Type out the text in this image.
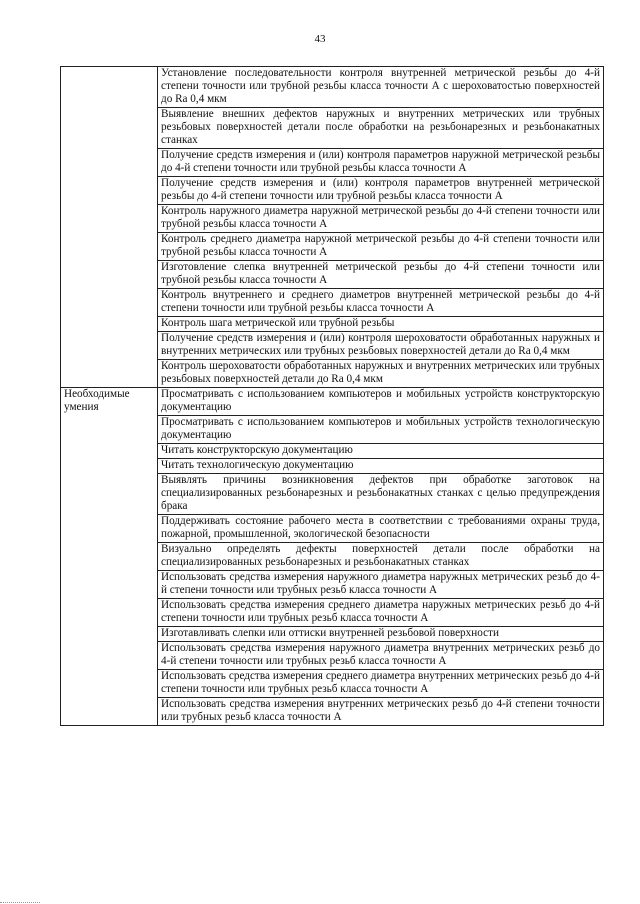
43
	Установление последовательности контроля внутренней метрической резьбы до 4-й степени точности или трубной резьбы класса точности А с шероховатостью поверхностей до Ra 0,4 мкм
	Выявление внешних дефектов наружных и внутренних метрических или трубных резьбовых поверхностей детали после обработки на резьбонарезных и резьбонакатных станках
	Получение средств измерения и (или) контроля параметров наружной метрической резьбы до 4-й степени точности или трубной резьбы класса точности А
	Получение средств измерения и (или) контроля параметров внутренней метрической резьбы до 4-й степени точности или трубной резьбы класса точности А
	Контроль наружного диаметра наружной метрической резьбы до 4-й степени точности или трубной резьбы класса точности А
	Контроль среднего диаметра наружной метрической резьбы до 4-й степени точности или трубной резьбы класса точности А
	Изготовление слепка внутренней метрической резьбы до 4-й степени точности или трубной резьбы класса точности А
	Контроль внутреннего и среднего диаметров внутренней метрической резьбы до 4-й степени точности или трубной резьбы класса точности А
	Контроль шага метрической или трубной резьбы
	Получение средств измерения и (или) контроля шероховатости обработанных наружных и внутренних метрических или трубных резьбовых поверхностей детали до Ra 0,4 мкм
	Контроль шероховатости обработанных наружных и внутренних метрических или трубных резьбовых поверхностей детали до Ra 0,4 мкм
Необходимые умения	Просматривать с использованием компьютеров и мобильных устройств конструкторскую документацию
	Просматривать с использованием компьютеров и мобильных устройств технологическую документацию
	Читать конструкторскую документацию
	Читать технологическую документацию
	Выявлять причины возникновения дефектов при обработке заготовок на специализированных резьбонарезных и резьбонакатных станках с целью предупреждения брака
	Поддерживать состояние рабочего места в соответствии с требованиями охраны труда, пожарной, промышленной, экологической безопасности
	Визуально определять дефекты поверхностей детали после обработки на специализированных резьбонарезных и резьбонакатных станках
	Использовать средства измерения наружного диаметра наружных метрических резьб до 4-й степени точности или трубных резьб класса точности А
	Использовать средства измерения среднего диаметра наружных метрических резьб до 4-й степени точности или трубных резьб класса точности А
	Изготавливать слепки или оттиски внутренней резьбовой поверхности
	Использовать средства измерения наружного диаметра внутренних метрических резьб до 4-й степени точности или трубных резьб класса точности А
	Использовать средства измерения среднего диаметра внутренних метрических резьб до 4-й степени точности или трубных резьб класса точности А
	Использовать средства измерения внутренних метрических резьб до 4-й степени точности или трубных резьб класса точности А
